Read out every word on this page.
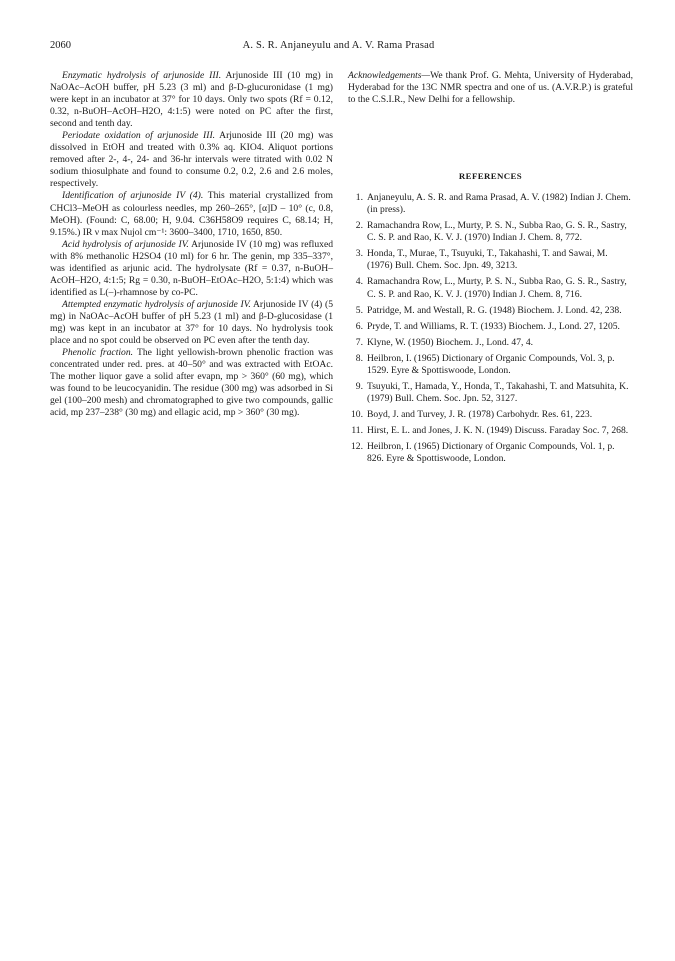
2060	A. S. R. Anjaneyulu and A. V. Rama Prasad

Enzymatic hydrolysis of arjunoside III. Arjunoside III (10 mg) in NaOAc–AcOH buffer, pH 5.23 (3 ml) and β-D-glucuronidase (1 mg) were kept in an incubator at 37° for 10 days. Only two spots (Rf = 0.12, 0.32, n-BuOH–AcOH–H2O, 4:1:5) were noted on PC after the first, second and tenth day.

Periodate oxidation of arjunoside III. Arjunoside III (20 mg) was dissolved in EtOH and treated with 0.3% aq. KIO4. Aliquot portions removed after 2-, 4-, 24- and 36-hr intervals were titrated with 0.02 N sodium thiosulphate and found to consume 0.2, 0.2, 2.6 and 2.6 moles, respectively.

Identification of arjunoside IV (4). This material crystallized from CHCl3–MeOH as colourless needles, mp 260–265°, [α]D – 10° (c, 0.8, MeOH). (Found: C, 68.00; H, 9.04. C36H58O9 requires C, 68.14; H, 9.15%.) IR ν max Nujol cm⁻¹: 3600–3400, 1710, 1650, 850.

Acid hydrolysis of arjunoside IV. Arjunoside IV (10 mg) was refluxed with 8% methanolic H2SO4 (10 ml) for 6 hr. The genin, mp 335–337°, was identified as arjunic acid. The hydrolysate (Rf = 0.37, n-BuOH–AcOH–H2O, 4:1:5; Rg = 0.30, n-BuOH–EtOAc–H2O, 5:1:4) which was identified as L(–)-rhamnose by co-PC.

Attempted enzymatic hydrolysis of arjunoside IV. Arjunoside IV (4) (5 mg) in NaOAc–AcOH buffer of pH 5.23 (1 ml) and β-D-glucosidase (1 mg) was kept in an incubator at 37° for 10 days. No hydrolysis took place and no spot could be observed on PC even after the tenth day.

Phenolic fraction. The light yellowish-brown phenolic fraction was concentrated under red. pres. at 40–50° and was extracted with EtOAc. The mother liquor gave a solid after evapn, mp > 360° (60 mg), which was found to be leucocyanidin. The residue (300 mg) was adsorbed in Si gel (100–200 mesh) and chromatographed to give two compounds, gallic acid, mp 237–238° (30 mg) and ellagic acid, mp > 360° (30 mg).

Acknowledgements—We thank Prof. G. Mehta, University of Hyderabad, Hyderabad for the 13C NMR spectra and one of us. (A.V.R.P.) is grateful to the C.S.I.R., New Delhi for a fellowship.

REFERENCES
1. Anjaneyulu, A. S. R. and Rama Prasad, A. V. (1982) Indian J. Chem. (in press).
2. Ramachandra Row, L., Murty, P. S. N., Subba Rao, G. S. R., Sastry, C. S. P. and Rao, K. V. J. (1970) Indian J. Chem. 8, 772.
3. Honda, T., Murae, T., Tsuyuki, T., Takahashi, T. and Sawai, M. (1976) Bull. Chem. Soc. Jpn. 49, 3213.
4. Ramachandra Row, L., Murty, P. S. N., Subba Rao, G. S. R., Sastry, C. S. P. and Rao, K. V. J. (1970) Indian J. Chem. 8, 716.
5. Patridge, M. and Westall, R. G. (1948) Biochem. J. Lond. 42, 238.
6. Pryde, T. and Williams, R. T. (1933) Biochem. J., Lond. 27, 1205.
7. Klyne, W. (1950) Biochem. J., Lond. 47, 4.
8. Heilbron, I. (1965) Dictionary of Organic Compounds, Vol. 3, p. 1529. Eyre & Spottiswoode, London.
9. Tsuyuki, T., Hamada, Y., Honda, T., Takahashi, T. and Matsuhita, K. (1979) Bull. Chem. Soc. Jpn. 52, 3127.
10. Boyd, J. and Turvey, J. R. (1978) Carbohydr. Res. 61, 223.
11. Hirst, E. L. and Jones, J. K. N. (1949) Discuss. Faraday Soc. 7, 268.
12. Heilbron, I. (1965) Dictionary of Organic Compounds, Vol. 1, p. 826. Eyre & Spottiswoode, London.
